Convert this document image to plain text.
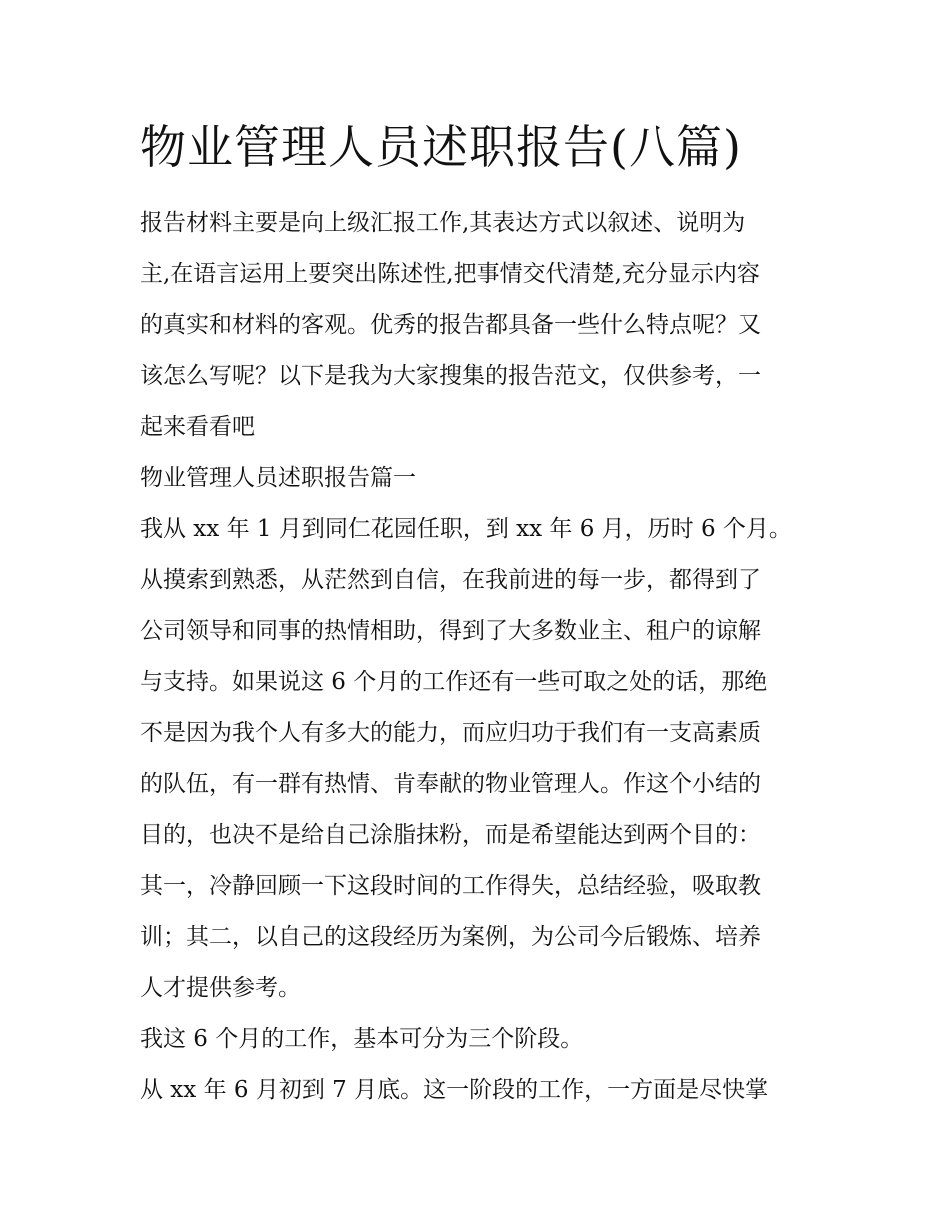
物业管理人员述职报告(八篇)
报告材料主要是向上级汇报工作,其表达方式以叙述、说明为
主,在语言运用上要突出陈述性,把事情交代清楚,充分显示内容
的真实和材料的客观。优秀的报告都具备一些什么特点呢？又
该怎么写呢？以下是我为大家搜集的报告范文，仅供参考，一
起来看看吧
物业管理人员述职报告篇一
我从 xx 年 1 月到同仁花园任职，到 xx 年 6 月，历时 6 个月。
从摸索到熟悉，从茫然到自信，在我前进的每一步，都得到了
公司领导和同事的热情相助，得到了大多数业主、租户的谅解
与支持。如果说这 6 个月的工作还有一些可取之处的话，那绝
不是因为我个人有多大的能力，而应归功于我们有一支高素质
的队伍，有一群有热情、肯奉献的物业管理人。作这个小结的
目的，也决不是给自己涂脂抹粉，而是希望能达到两个目的：
其一，冷静回顾一下这段时间的工作得失，总结经验，吸取教
训；其二，以自己的这段经历为案例，为公司今后锻炼、培养
人才提供参考。
我这 6 个月的工作，基本可分为三个阶段。
从 xx 年 6 月初到 7 月底。这一阶段的工作，一方面是尽快掌
